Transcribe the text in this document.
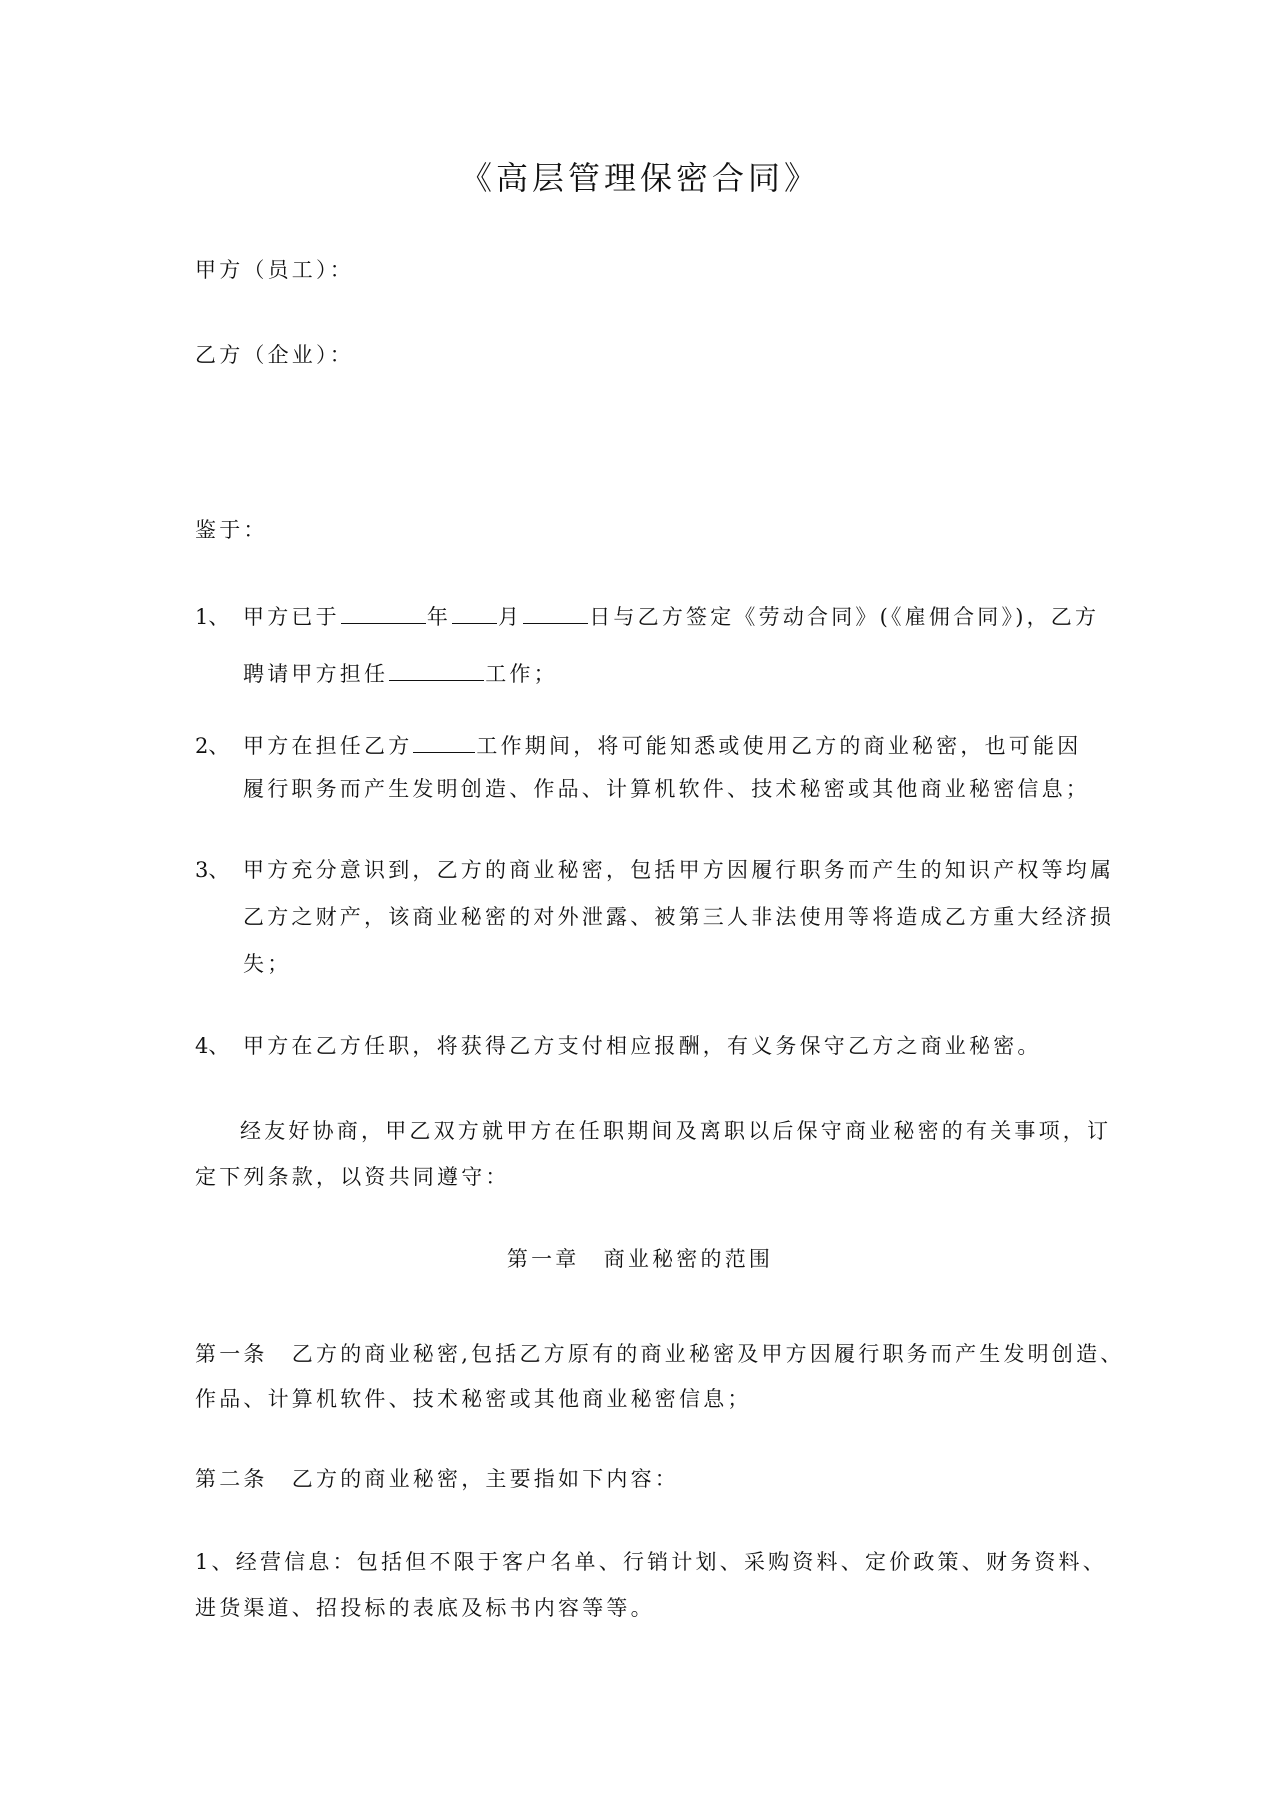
《高层管理保密合同》
甲方（员工）：
乙方（企业）：
鉴于：
1、 甲方已于	年 月	日与乙方签定《劳动合同》(《雇佣合同》)，乙方
聘请甲方担任	工作；
2、 甲方在担任乙方	工作期间，将可能知悉或使用乙方的商业秘密，也可能因
履行职务而产生发明创造、作品、计算机软件、技术秘密或其他商业秘密信息；
3、 甲方充分意识到，乙方的商业秘密，包括甲方因履行职务而产生的知识产权等均属
乙方之财产，该商业秘密的对外泄露、被第三人非法使用等将造成乙方重大经济损
失；
4、 甲方在乙方任职，将获得乙方支付相应报酬，有义务保守乙方之商业秘密。
经友好协商，甲乙双方就甲方在任职期间及离职以后保守商业秘密的有关事项，订
定下列条款，以资共同遵守：
第一章　商业秘密的范围
第一条　乙方的商业秘密,包括乙方原有的商业秘密及甲方因履行职务而产生发明创造、
作品、计算机软件、技术秘密或其他商业秘密信息；
第二条　乙方的商业秘密，主要指如下内容：
1、经营信息：包括但不限于客户名单、行销计划、采购资料、定价政策、财务资料、
进货渠道、招投标的表底及标书内容等等。
